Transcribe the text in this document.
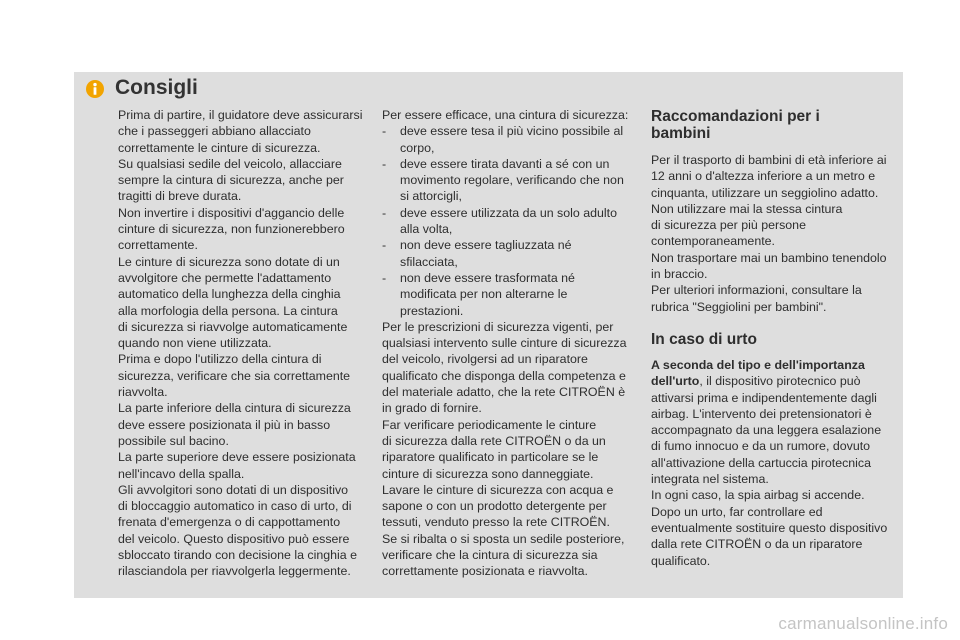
Consigli

Prima di partire, il guidatore deve assicurarsi

che i passeggeri abbiano allacciato

correttamente le cinture di sicurezza.

Su qualsiasi sedile del veicolo, allacciare

sempre la cintura di sicurezza, anche per

tragitti di breve durata.

Non invertire i dispositivi d'aggancio delle

cinture di sicurezza, non funzionerebbero

correttamente.

Le cinture di sicurezza sono dotate di un

avvolgitore che permette l'adattamento

automatico della lunghezza della cinghia

alla morfologia della persona. La cintura

di sicurezza si riavvolge automaticamente

quando non viene utilizzata.

Prima e dopo l'utilizzo della cintura di

sicurezza, verificare che sia correttamente

riavvolta.

La parte inferiore della cintura di sicurezza

deve essere posizionata il più in basso

possibile sul bacino.

La parte superiore deve essere posizionata

nell'incavo della spalla.

Gli avvolgitori sono dotati di un dispositivo

di bloccaggio automatico in caso di urto, di

frenata d'emergenza o di cappottamento

del veicolo. Questo dispositivo può essere

sbloccato tirando con decisione la cinghia e

rilasciandola per riavvolgerla leggermente.

Per essere efficace, una cintura di sicurezza:

-	deve essere tesa il più vicino possibile al

corpo,

-	deve essere tirata davanti a sé con un

movimento regolare, verificando che non

si attorcigli,

-	deve essere utilizzata da un solo adulto

alla volta,

-	non deve essere tagliuzzata né

sfilacciata,

-	non deve essere trasformata né

modificata per non alterarne le

prestazioni.

Per le prescrizioni di sicurezza vigenti, per

qualsiasi intervento sulle cinture di sicurezza

del veicolo, rivolgersi ad un riparatore

qualificato che disponga della competenza e

del materiale adatto, che la rete CITROËN è

in grado di fornire.

Far verificare periodicamente le cinture

di sicurezza dalla rete CITROËN o da un

riparatore qualificato in particolare se le

cinture di sicurezza sono danneggiate.

Lavare le cinture di sicurezza con acqua e

sapone o con un prodotto detergente per

tessuti, venduto presso la rete CITROËN.

Se si ribalta o si sposta un sedile posteriore,

verificare che la cintura di sicurezza sia

correttamente posizionata e riavvolta.

Raccomandazioni per i
bambini

Per il trasporto di bambini di età inferiore ai

12 anni o d'altezza inferiore a un metro e

cinquanta, utilizzare un seggiolino adatto.

Non utilizzare mai la stessa cintura

di sicurezza per più persone

contemporaneamente.

Non trasportare mai un bambino tenendolo

in braccio.

Per ulteriori informazioni, consultare la

rubrica "Seggiolini per bambini".

In caso di urto

A seconda del tipo e dell'importanza

dell'urto, il dispositivo pirotecnico può

attivarsi prima e indipendentemente dagli

airbag. L'intervento dei pretensionatori è

accompagnato da una leggera esalazione

di fumo innocuo e da un rumore, dovuto

all'attivazione della cartuccia pirotecnica

integrata nel sistema.

In ogni caso, la spia airbag si accende.

Dopo un urto, far controllare ed

eventualmente sostituire questo dispositivo

dalla rete CITROËN o da un riparatore

qualificato.

carmanualsonline.info
